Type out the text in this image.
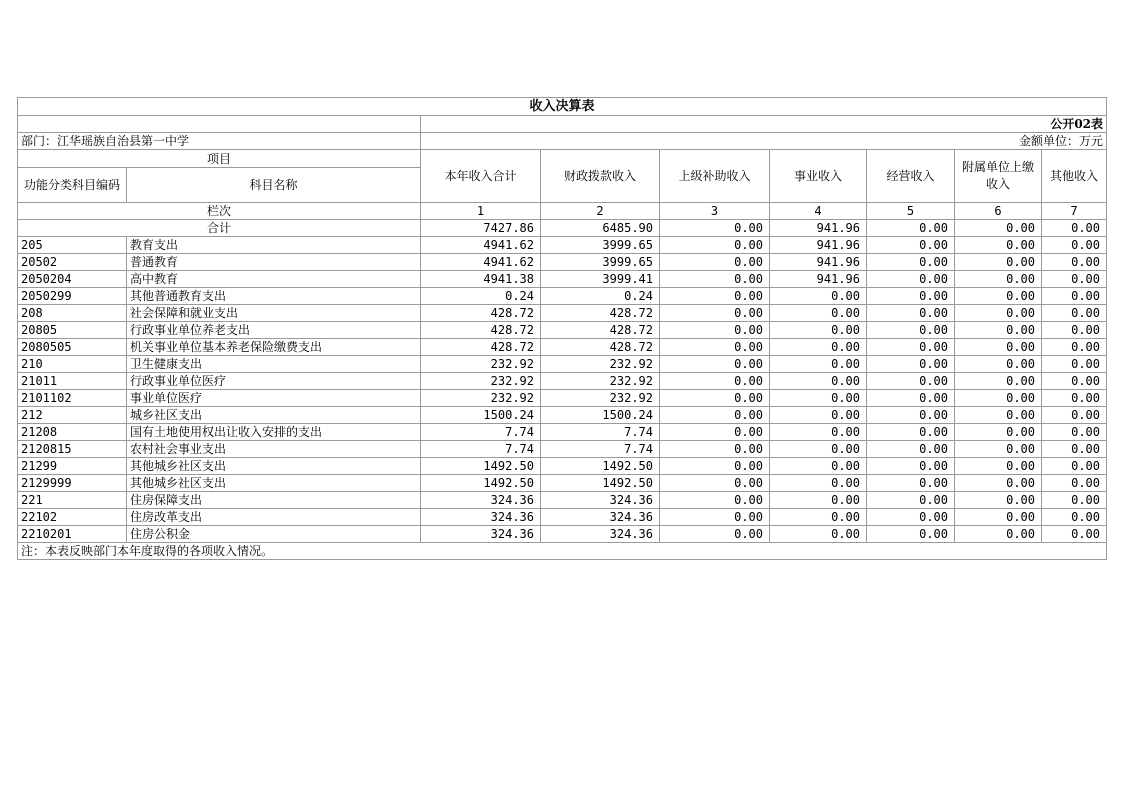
收入决算表								
		公开02表						
部门：江华瑶族自治县第一中学		金额单位：万元						
项目		本年收入合计	财政拨款收入	上级补助收入	事业收入	经营收入	附属单位上缴收入	其他收入
功能分类科目编码	科目名称							
栏次		1	2	3	4	5	6	7
合计		7427.86	6485.90	0.00	941.96	0.00	0.00	0.00
205	教育支出	4941.62	3999.65	0.00	941.96	0.00	0.00	0.00
20502	普通教育	4941.62	3999.65	0.00	941.96	0.00	0.00	0.00
2050204	高中教育	4941.38	3999.41	0.00	941.96	0.00	0.00	0.00
2050299	其他普通教育支出	0.24	0.24	0.00	0.00	0.00	0.00	0.00
208	社会保障和就业支出	428.72	428.72	0.00	0.00	0.00	0.00	0.00
20805	行政事业单位养老支出	428.72	428.72	0.00	0.00	0.00	0.00	0.00
2080505	机关事业单位基本养老保险缴费支出	428.72	428.72	0.00	0.00	0.00	0.00	0.00
210	卫生健康支出	232.92	232.92	0.00	0.00	0.00	0.00	0.00
21011	行政事业单位医疗	232.92	232.92	0.00	0.00	0.00	0.00	0.00
2101102	事业单位医疗	232.92	232.92	0.00	0.00	0.00	0.00	0.00
212	城乡社区支出	1500.24	1500.24	0.00	0.00	0.00	0.00	0.00
21208	国有土地使用权出让收入安排的支出	7.74	7.74	0.00	0.00	0.00	0.00	0.00
2120815	农村社会事业支出	7.74	7.74	0.00	0.00	0.00	0.00	0.00
21299	其他城乡社区支出	1492.50	1492.50	0.00	0.00	0.00	0.00	0.00
2129999	其他城乡社区支出	1492.50	1492.50	0.00	0.00	0.00	0.00	0.00
221	住房保障支出	324.36	324.36	0.00	0.00	0.00	0.00	0.00
22102	住房改革支出	324.36	324.36	0.00	0.00	0.00	0.00	0.00
2210201	住房公积金	324.36	324.36	0.00	0.00	0.00	0.00	0.00
注：本表反映部门本年度取得的各项收入情况。								
